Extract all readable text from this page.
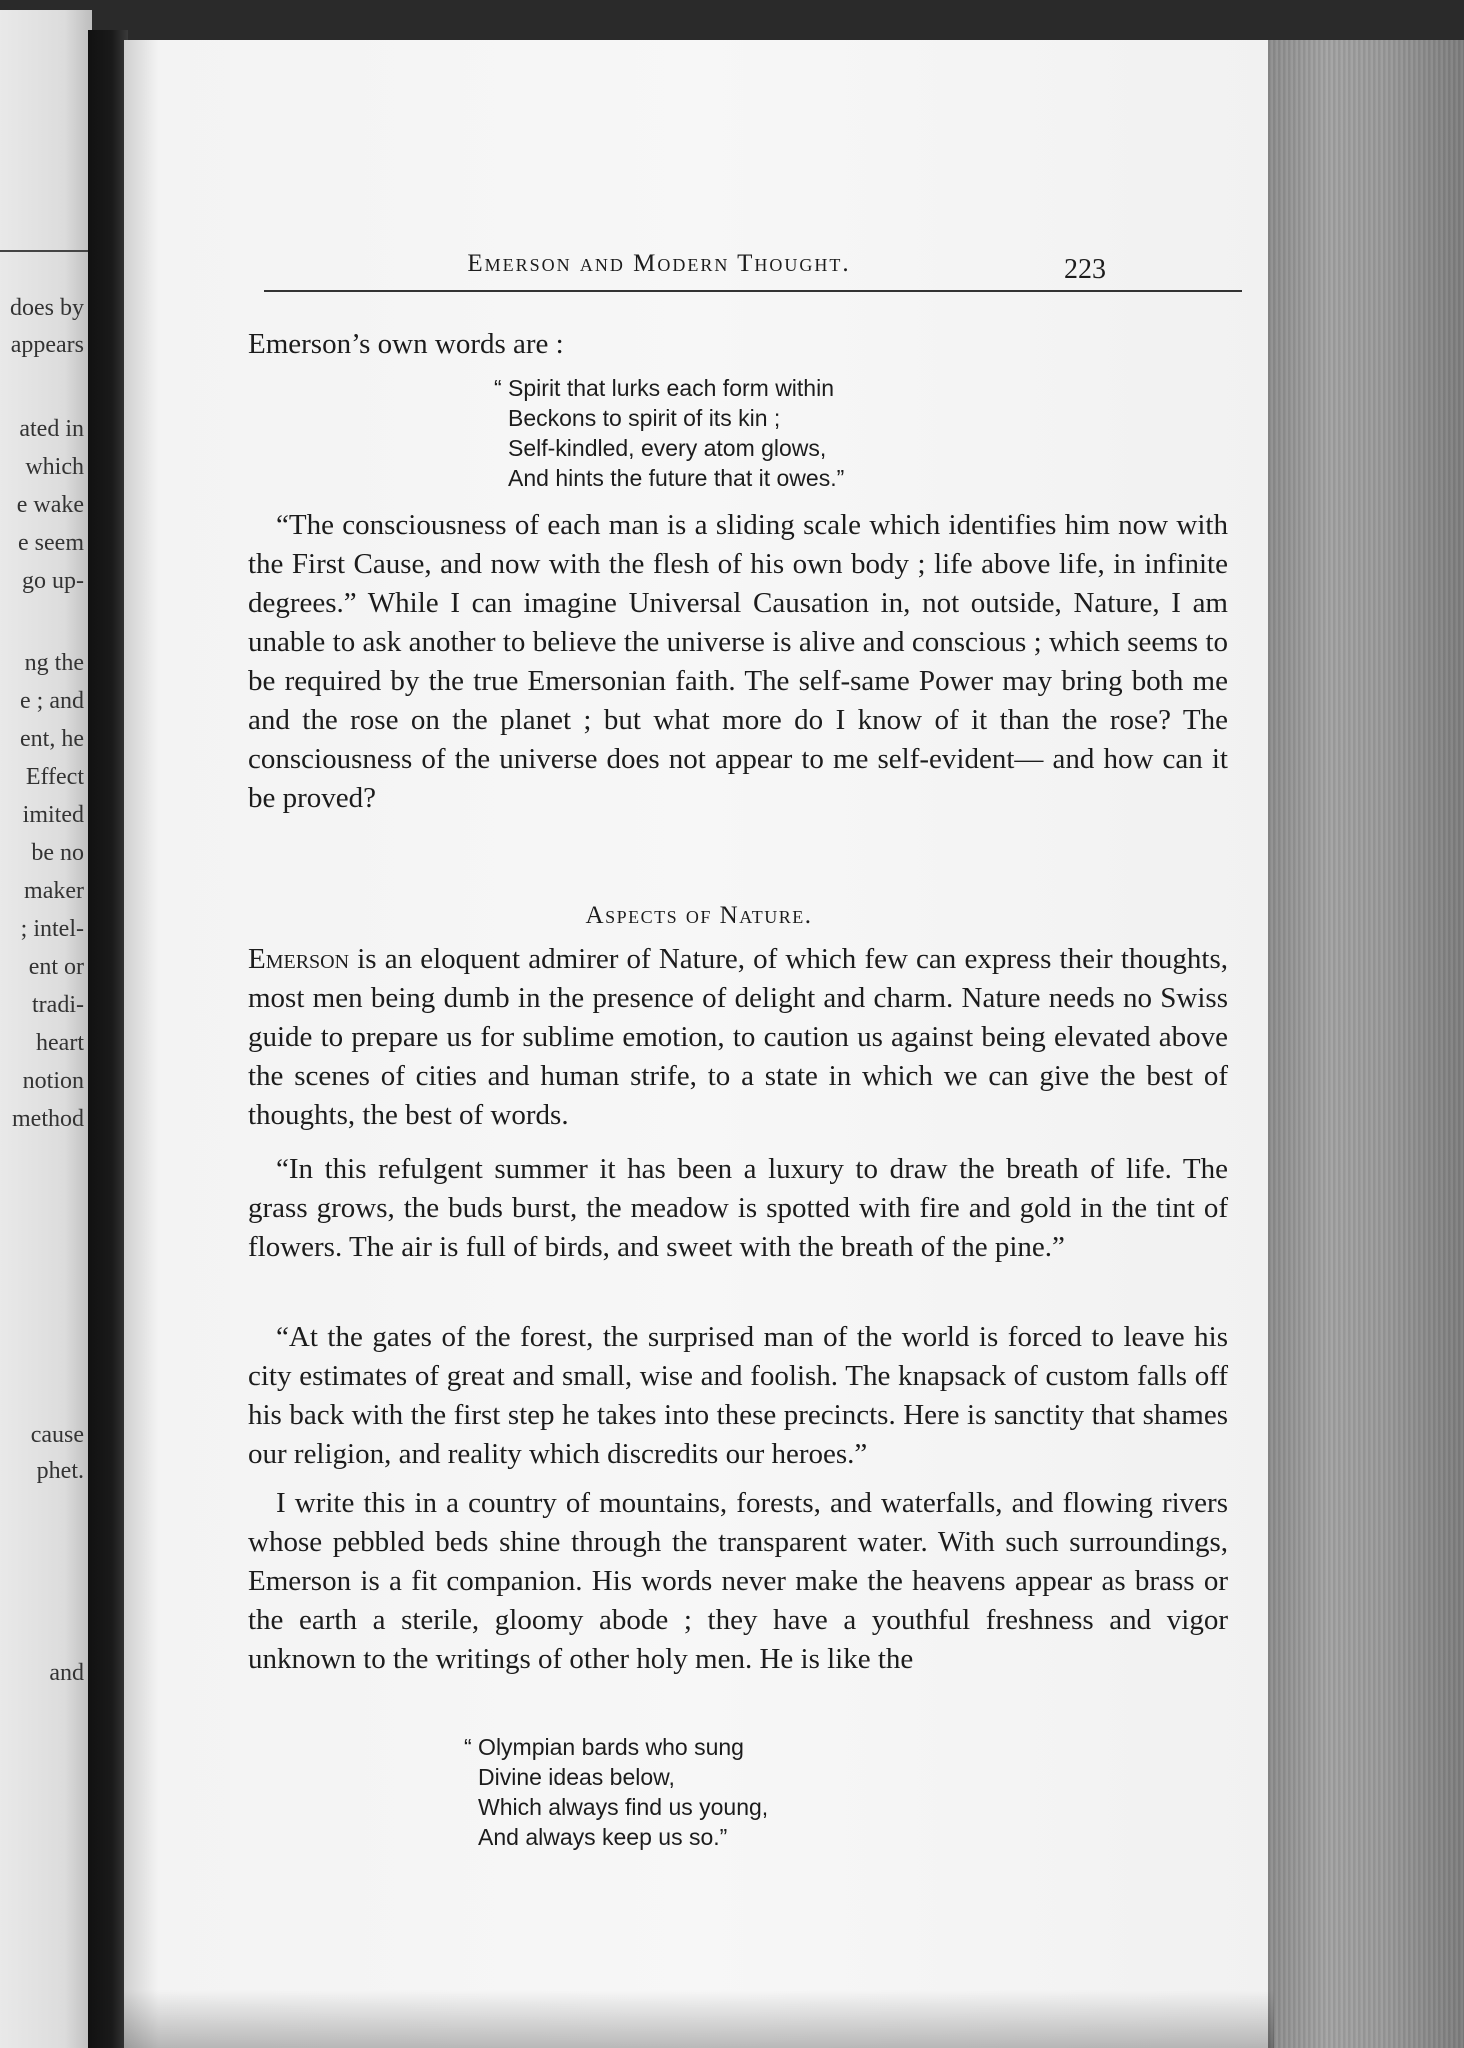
does by
appears
ated in
which
e wake
e seem
go up-
ng the
e ; and
ent, he
Effect
imited
be no
maker
; intel-
ent or
tradi-
heart
notion
method
cause
phet.
and
Emerson and Modern Thought.	223
Emerson’s own words are :
“ Spirit that lurks each form within
Beckons to spirit of its kin ;
Self-kindled, every atom glows,
And hints the future that it owes.”
“The consciousness of each man is a sliding scale which identifies him now with the First Cause, and now with the flesh of his own body ; life above life, in infinite degrees.” While I can imagine Universal Causation in, not outside, Nature, I am unable to ask another to believe the universe is alive and conscious ; which seems to be required by the true Emersonian faith. The self-same Power may bring both me and the rose on the planet ; but what more do I know of it than the rose? The consciousness of the universe does not appear to me self-evident— and how can it be proved?
Aspects of Nature.
Emerson is an eloquent admirer of Nature, of which few can express their thoughts, most men being dumb in the presence of delight and charm. Nature needs no Swiss guide to prepare us for sublime emotion, to caution us against being elevated above the scenes of cities and human strife, to a state in which we can give the best of thoughts, the best of words.
“In this refulgent summer it has been a luxury to draw the breath of life. The grass grows, the buds burst, the meadow is spotted with fire and gold in the tint of flowers. The air is full of birds, and sweet with the breath of the pine.”
“At the gates of the forest, the surprised man of the world is forced to leave his city estimates of great and small, wise and foolish. The knapsack of custom falls off his back with the first step he takes into these precincts. Here is sanctity that shames our religion, and reality which discredits our heroes.”
I write this in a country of mountains, forests, and waterfalls, and flowing rivers whose pebbled beds shine through the transparent water. With such surroundings, Emerson is a fit companion. His words never make the heavens appear as brass or the earth a sterile, gloomy abode ; they have a youthful freshness and vigor unknown to the writings of other holy men. He is like the
“ Olympian bards who sung
Divine ideas below,
Which always find us young,
And always keep us so.”
